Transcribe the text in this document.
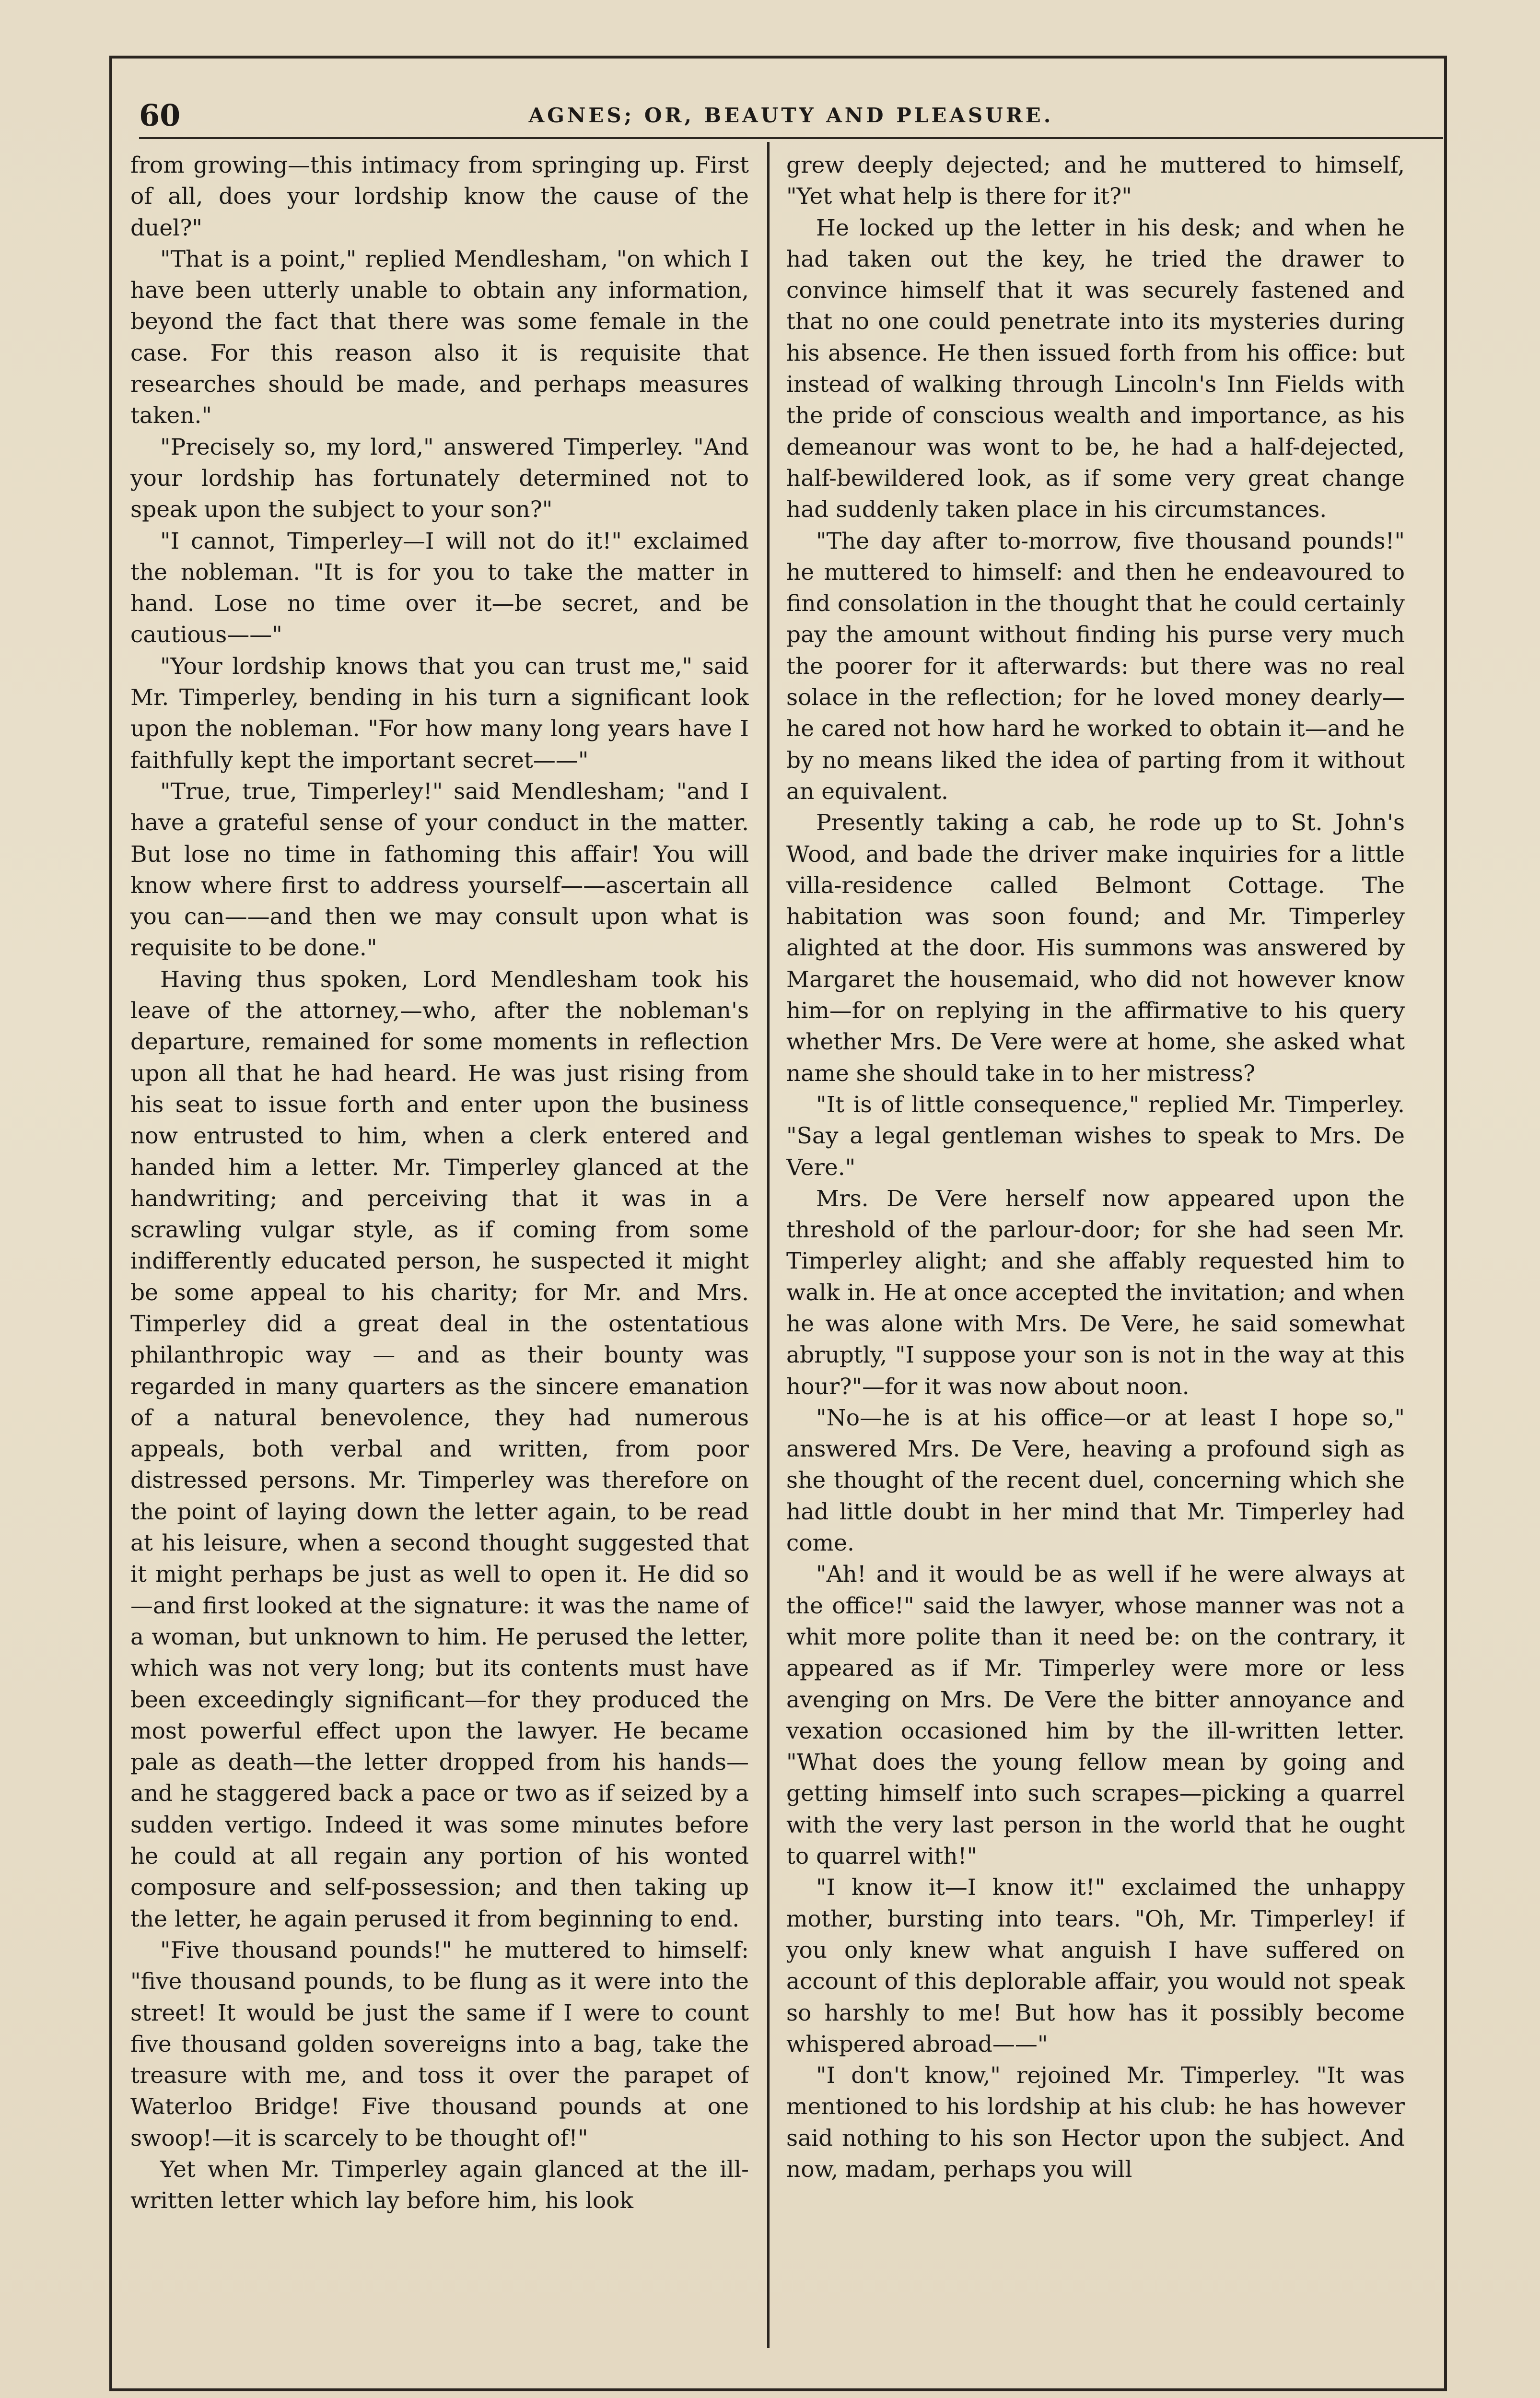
60	AGNES; OR, BEAUTY AND PLEASURE.

from growing—this intimacy from springing up. First of all, does your lordship know the cause of the duel?"

"That is a point," replied Mendlesham, "on which I have been utterly unable to obtain any information, beyond the fact that there was some female in the case. For this reason also it is requisite that researches should be made, and perhaps measures taken."

"Precisely so, my lord," answered Timperley. "And your lordship has fortunately determined not to speak upon the subject to your son?"

"I cannot, Timperley—I will not do it!" exclaimed the nobleman. "It is for you to take the matter in hand. Lose no time over it—be secret, and be cautious——"

"Your lordship knows that you can trust me," said Mr. Timperley, bending in his turn a significant look upon the nobleman. "For how many long years have I faithfully kept the important secret——"

"True, true, Timperley!" said Mendlesham; "and I have a grateful sense of your conduct in the matter. But lose no time in fathoming this affair! You will know where first to address yourself——ascertain all you can——and then we may consult upon what is requisite to be done."

Having thus spoken, Lord Mendlesham took his leave of the attorney,—who, after the nobleman's departure, remained for some moments in reflection upon all that he had heard. He was just rising from his seat to issue forth and enter upon the business now entrusted to him, when a clerk entered and handed him a letter. Mr. Timperley glanced at the handwriting; and perceiving that it was in a scrawling vulgar style, as if coming from some indifferently educated person, he suspected it might be some appeal to his charity; for Mr. and Mrs. Timperley did a great deal in the ostentatious philanthropic way — and as their bounty was regarded in many quarters as the sincere emanation of a natural benevolence, they had numerous appeals, both verbal and written, from poor distressed persons. Mr. Timperley was therefore on the point of laying down the letter again, to be read at his leisure, when a second thought suggested that it might perhaps be just as well to open it. He did so—and first looked at the signature: it was the name of a woman, but unknown to him. He perused the letter, which was not very long; but its contents must have been exceedingly significant—for they produced the most powerful effect upon the lawyer. He became pale as death—the letter dropped from his hands—and he staggered back a pace or two as if seized by a sudden vertigo. Indeed it was some minutes before he could at all regain any portion of his wonted composure and self-possession; and then taking up the letter, he again perused it from beginning to end.

"Five thousand pounds!" he muttered to himself: "five thousand pounds, to be flung as it were into the street! It would be just the same if I were to count five thousand golden sovereigns into a bag, take the treasure with me, and toss it over the parapet of Waterloo Bridge! Five thousand pounds at one swoop!—it is scarcely to be thought of!"

Yet when Mr. Timperley again glanced at the ill-written letter which lay before him, his look

grew deeply dejected; and he muttered to himself, "Yet what help is there for it?"

He locked up the letter in his desk; and when he had taken out the key, he tried the drawer to convince himself that it was securely fastened and that no one could penetrate into its mysteries during his absence. He then issued forth from his office: but instead of walking through Lincoln's Inn Fields with the pride of conscious wealth and importance, as his demeanour was wont to be, he had a half-dejected, half-bewildered look, as if some very great change had suddenly taken place in his circumstances.

"The day after to-morrow, five thousand pounds!" he muttered to himself: and then he endeavoured to find consolation in the thought that he could certainly pay the amount without finding his purse very much the poorer for it afterwards: but there was no real solace in the reflection; for he loved money dearly—he cared not how hard he worked to obtain it—and he by no means liked the idea of parting from it without an equivalent.

Presently taking a cab, he rode up to St. John's Wood, and bade the driver make inquiries for a little villa-residence called Belmont Cottage. The habitation was soon found; and Mr. Timperley alighted at the door. His summons was answered by Margaret the housemaid, who did not however know him—for on replying in the affirmative to his query whether Mrs. De Vere were at home, she asked what name she should take in to her mistress?

"It is of little consequence," replied Mr. Timperley. "Say a legal gentleman wishes to speak to Mrs. De Vere."

Mrs. De Vere herself now appeared upon the threshold of the parlour-door; for she had seen Mr. Timperley alight; and she affably requested him to walk in. He at once accepted the invitation; and when he was alone with Mrs. De Vere, he said somewhat abruptly, "I suppose your son is not in the way at this hour?"—for it was now about noon.

"No—he is at his office—or at least I hope so," answered Mrs. De Vere, heaving a profound sigh as she thought of the recent duel, concerning which she had little doubt in her mind that Mr. Timperley had come.

"Ah! and it would be as well if he were always at the office!" said the lawyer, whose manner was not a whit more polite than it need be: on the contrary, it appeared as if Mr. Timperley were more or less avenging on Mrs. De Vere the bitter annoyance and vexation occasioned him by the ill-written letter. "What does the young fellow mean by going and getting himself into such scrapes—picking a quarrel with the very last person in the world that he ought to quarrel with!"

"I know it—I know it!" exclaimed the unhappy mother, bursting into tears. "Oh, Mr. Timperley! if you only knew what anguish I have suffered on account of this deplorable affair, you would not speak so harshly to me! But how has it possibly become whispered abroad——"

"I don't know," rejoined Mr. Timperley. "It was mentioned to his lordship at his club: he has however said nothing to his son Hector upon the subject. And now, madam, perhaps you will
